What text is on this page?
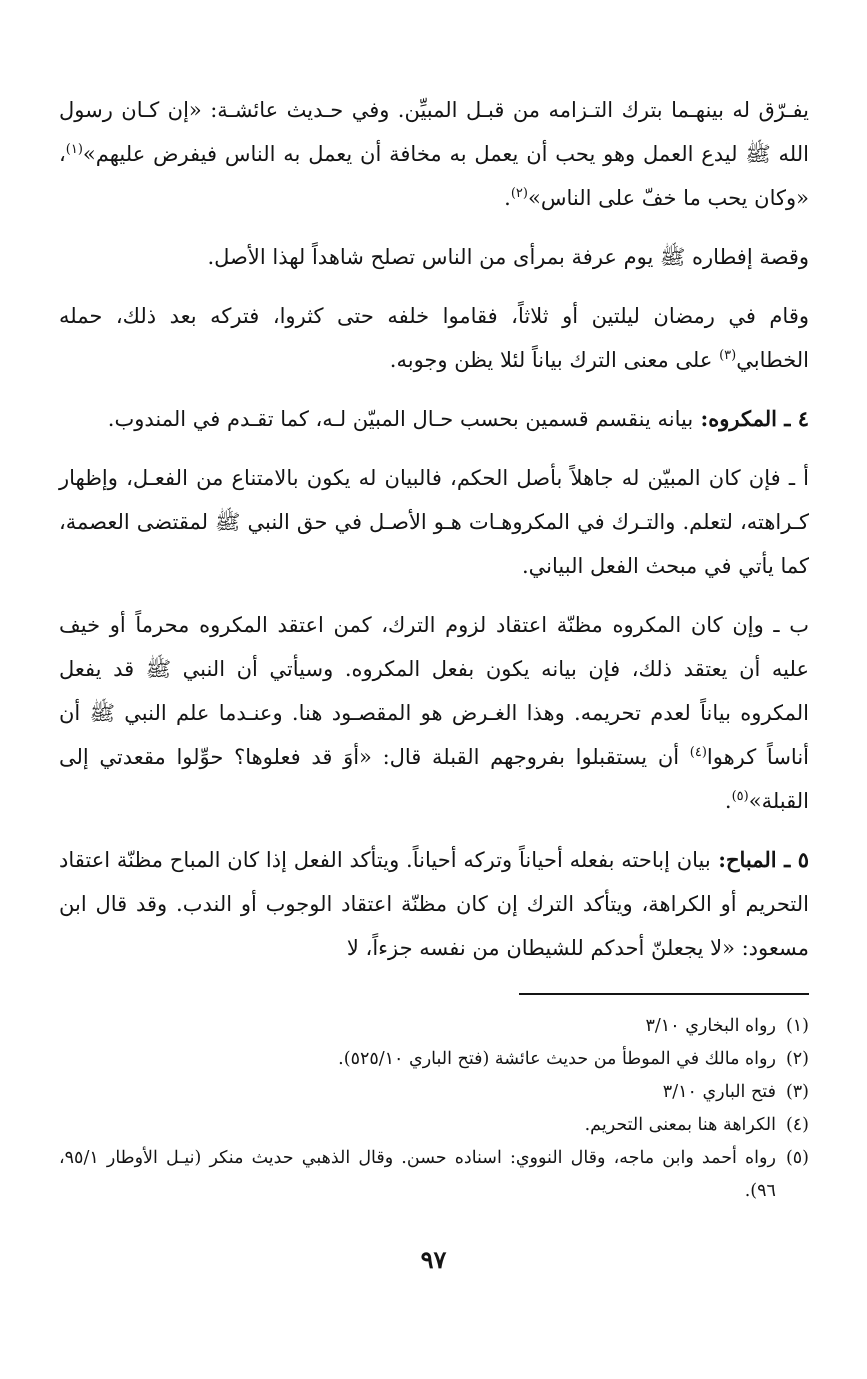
يفـرّق له بينهـما بترك التـزامه من قبـل المبيِّن. وفي حـديث عائشـة: «إن كـان رسول الله ﷺ ليدع العمل وهو يحب أن يعمل به مخافة أن يعمل به الناس فيفرض عليهم»$^{(١)}$، «وكان يحب ما خفّ على الناس»$^{(٢)}$.

وقصة إفطاره ﷺ يوم عرفة بمرأى من الناس تصلح شاهداً لهذا الأصل.

وقام في رمضان ليلتين أو ثلاثاً، فقاموا خلفه حتى كثروا، فتركه بعد ذلك، حمله الخطابي$^{(٣)}$ على معنى الترك بياناً لئلا يظن وجوبه.

٤ ـ المكروه: بيانه ينقسم قسمين بحسب حـال المبيّن لـه، كما تقـدم في المندوب.

أ ـ فإن كان المبيّن له جاهلاً بأصل الحكم، فالبيان له يكون بالامتناع من الفعـل، وإظهار كـراهته، لتعلم. والتـرك في المكروهـات هـو الأصـل في حق النبي ﷺ لمقتضى العصمة، كما يأتي في مبحث الفعل البياني.

ب ـ وإن كان المكروه مظنّة اعتقاد لزوم الترك، كمن اعتقد المكروه محرماً أو خيف عليه أن يعتقد ذلك، فإن بيانه يكون بفعل المكروه. وسيأتي أن النبي ﷺ قد يفعل المكروه بياناً لعدم تحريمه. وهذا الغـرض هو المقصـود هنا. وعنـدما علم النبي ﷺ أن أناساً كرهوا$^{(٤)}$ أن يستقبلوا بفروجهم القبلة قال: «أوَ قد فعلوها؟ حوِّلوا مقعدتي إلى القبلة»$^{(٥)}$.

٥ ـ المباح: بيان إباحته بفعله أحياناً وتركه أحياناً. ويتأكد الفعل إذا كان المباح مظنّة اعتقاد التحريم أو الكراهة، ويتأكد الترك إن كان مظنّة اعتقاد الوجوب أو الندب. وقد قال ابن مسعود: «لا يجعلنّ أحدكم للشيطان من نفسه جزءاً، لا

(١)
رواه البخاري ٣/١٠
(٢)
رواه مالك في الموطأ من حديث عائشة (فتح الباري ٥٢٥/١٠).
(٣)
فتح الباري ٣/١٠
(٤)
الكراهة هنا بمعنى التحريم.
(٥)
رواه أحمد وابن ماجه، وقال النووي: اسناده حسن. وقال الذهبي حديث منكر (نيـل الأوطار ٩٥/١، ٩٦).
٩٧
